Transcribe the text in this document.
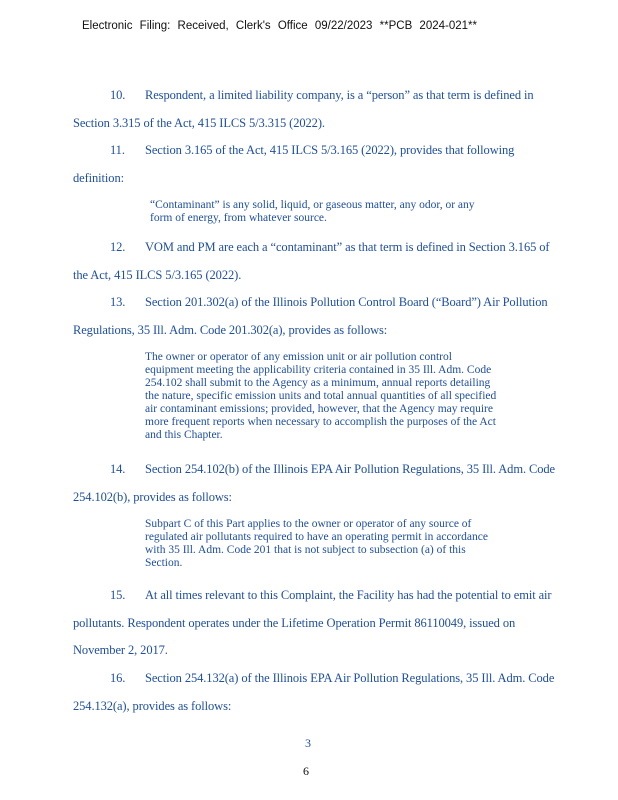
Electronic Filing: Received, Clerk's Office 09/22/2023 **PCB 2024-021**
10. Respondent, a limited liability company, is a “person” as that term is defined in
Section 3.315 of the Act, 415 ILCS 5/3.315 (2022).
11. Section 3.165 of the Act, 415 ILCS 5/3.165 (2022), provides that following
definition:
“Contaminant” is any solid, liquid, or gaseous matter, any odor, or any
form of energy, from whatever source.
12. VOM and PM are each a “contaminant” as that term is defined in Section 3.165 of
the Act, 415 ILCS 5/3.165 (2022).
13. Section 201.302(a) of the Illinois Pollution Control Board (“Board”) Air Pollution
Regulations, 35 Ill. Adm. Code 201.302(a), provides as follows:
The owner or operator of any emission unit or air pollution control
equipment meeting the applicability criteria contained in 35 Ill. Adm. Code
254.102 shall submit to the Agency as a minimum, annual reports detailing
the nature, specific emission units and total annual quantities of all specified
air contaminant emissions; provided, however, that the Agency may require
more frequent reports when necessary to accomplish the purposes of the Act
and this Chapter.
14. Section 254.102(b) of the Illinois EPA Air Pollution Regulations, 35 Ill. Adm. Code
254.102(b), provides as follows:
Subpart C of this Part applies to the owner or operator of any source of
regulated air pollutants required to have an operating permit in accordance
with 35 Ill. Adm. Code 201 that is not subject to subsection (a) of this
Section.
15. At all times relevant to this Complaint, the Facility has had the potential to emit air
pollutants. Respondent operates under the Lifetime Operation Permit 86110049, issued on
November 2, 2017.
16. Section 254.132(a) of the Illinois EPA Air Pollution Regulations, 35 Ill. Adm. Code
254.132(a), provides as follows:
3
6
